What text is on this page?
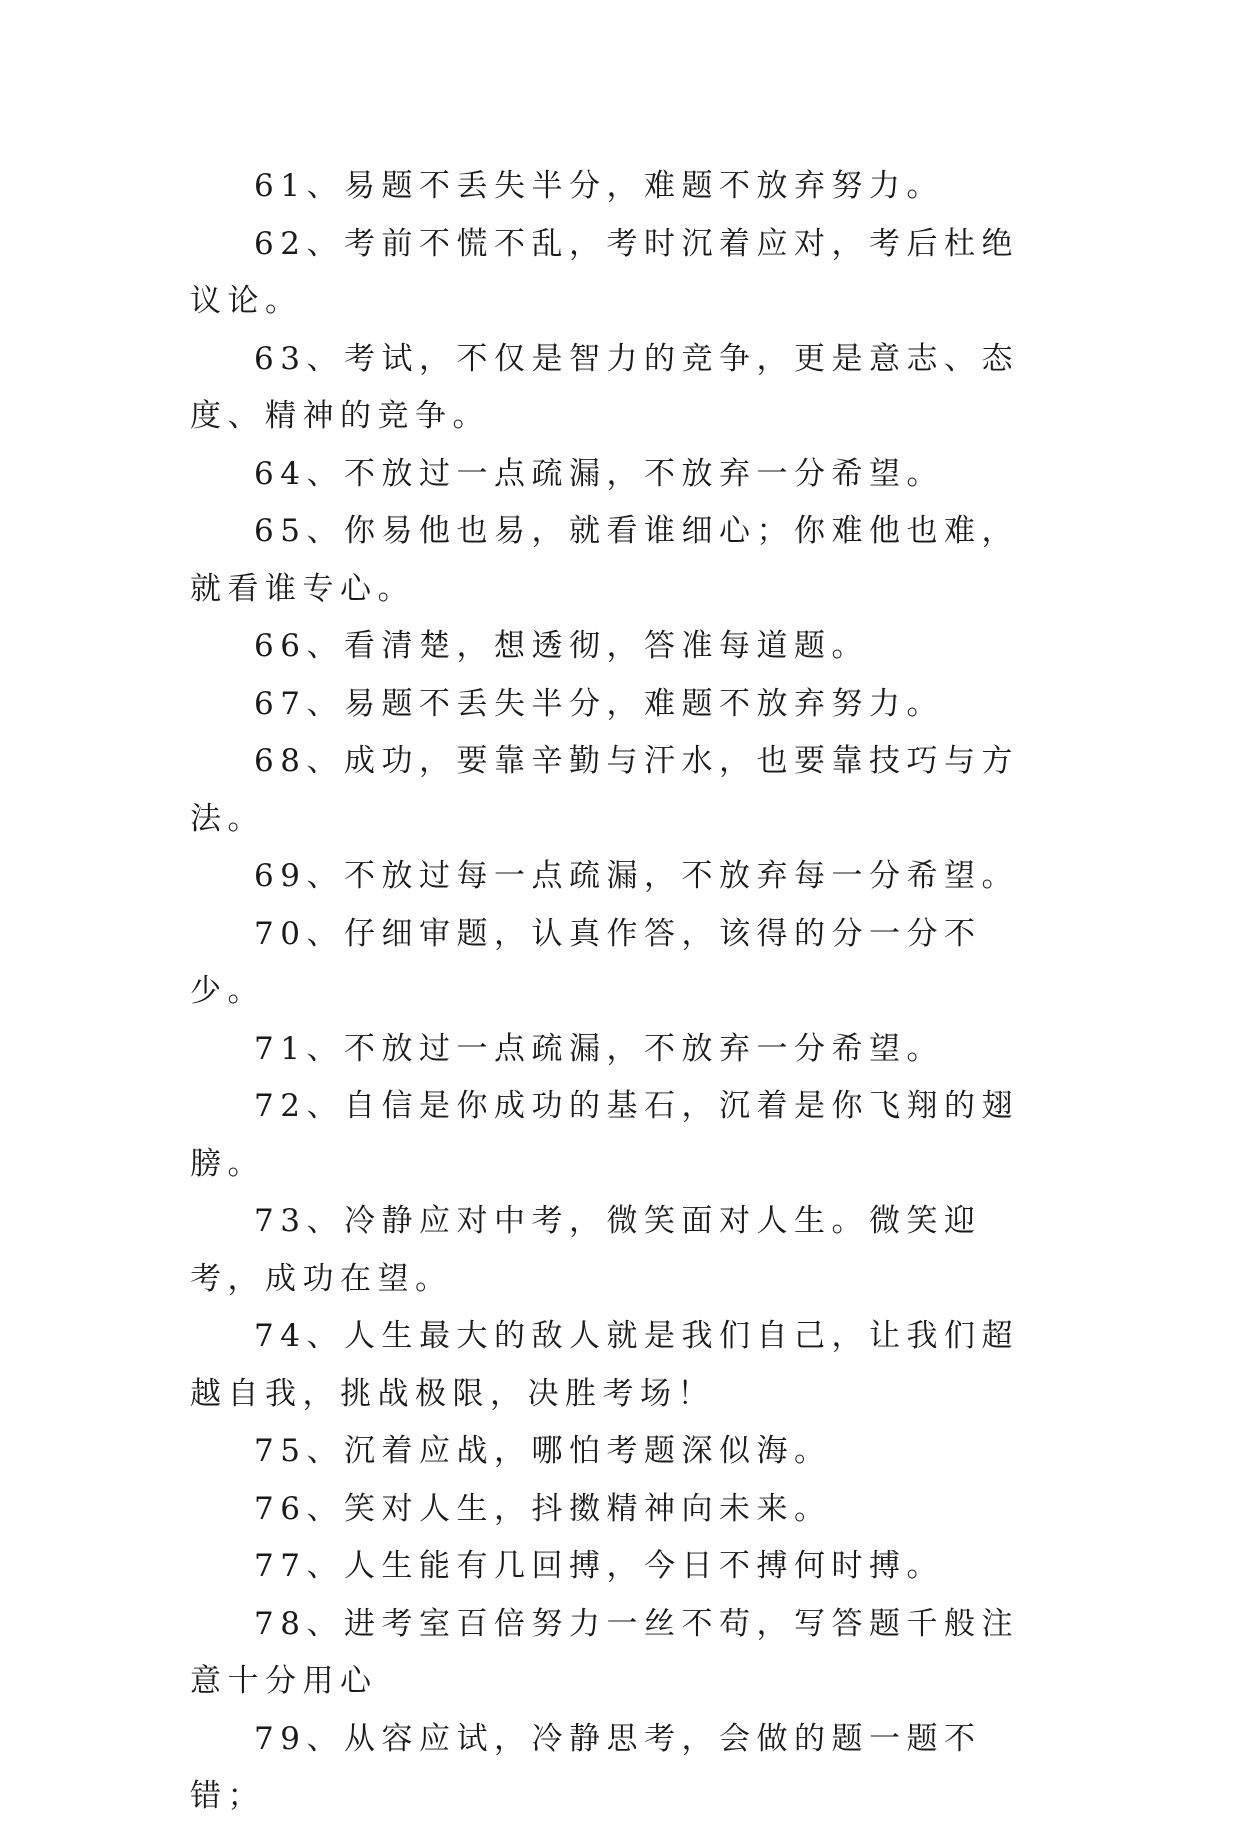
61、易题不丢失半分，难题不放弃努力。

62、考前不慌不乱，考时沉着应对，考后杜绝议论。

63、考试，不仅是智力的竞争，更是意志、态度、精神的竞争。

64、不放过一点疏漏，不放弃一分希望。

65、你易他也易，就看谁细心；你难他也难，就看谁专心。

66、看清楚，想透彻，答准每道题。

67、易题不丢失半分，难题不放弃努力。

68、成功，要靠辛勤与汗水，也要靠技巧与方法。

69、不放过每一点疏漏，不放弃每一分希望。

70、仔细审题，认真作答，该得的分一分不少。

71、不放过一点疏漏，不放弃一分希望。

72、自信是你成功的基石，沉着是你飞翔的翅膀。

73、冷静应对中考，微笑面对人生。微笑迎考，成功在望。

74、人生最大的敌人就是我们自己，让我们超越自我，挑战极限，决胜考场！

75、沉着应战，哪怕考题深似海。

76、笑对人生，抖擞精神向未来。

77、人生能有几回搏，今日不搏何时搏。

78、进考室百倍努力一丝不苟，写答题千般注意十分用心

79、从容应试，冷静思考，会做的题一题不错；
